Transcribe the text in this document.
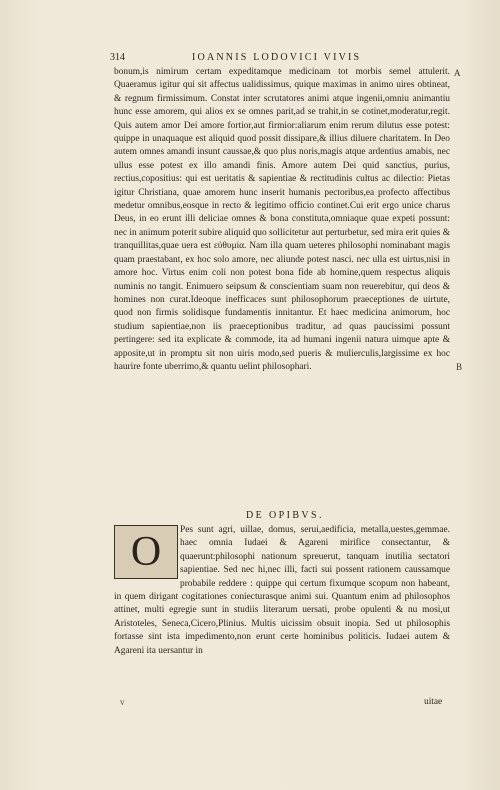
314	IOANNIS LODOVICI VIVIS

bonum,is nimirum certam expeditamque medicinam tot morbis semel attulerit. Quaeramus igitur qui sit affectus ualidissimus, quique maximas in animo uires obtineat, & regnum firmissimum. Constat inter scrutatores animi atque ingenii,omniu animantiu hunc esse amorem, qui alios ex se omnes parit,ad se trahit,in se cotinet,moderatur,regit. Quis autem amor Dei amore fortior,aut firmior:aliarum enim rerum dilutus esse potest: quippe in unaquaque est aliquid quod possit dissipare,& illius diluere charitatem. In Deo autem omnes amandi insunt caussae,& quo plus noris,magis atque ardentius amabis, nec ullus esse potest ex illo amandi finis. Amore autem Dei quid sanctius, purius, rectius,copositius: qui est ueritatis & sapientiae & rectitudinis cultus ac dilectio: Pietas igitur Christiana, quae amorem hunc inserit humanis pectoribus,ea profecto affectibus medetur omnibus,eosque in recto & legitimo officio continet.Cui erit ergo unice charus Deus, in eo erunt illi deliciae omnes & bona constituta,omniaque quae expeti possunt: nec in animum poterit subire aliquid quo sollicitetur aut perturbetur, sed mira erit quies & tranquillitas,quae uera est εὐθυμία. Nam illa quam ueteres philosophi nominabant magis quam praestabant, ex hoc solo amore, nec aliunde potest nasci. nec ulla est uirtus,nisi in amore hoc. Virtus enim coli non potest bona fide ab homine,quem respectus aliquis numinis no tangit. Enimuero seipsum & conscientiam suam non reuerebitur, qui deos & homines non curat.Ideoque inefficaces sunt philosophorum praeceptiones de uirtute, quod non firmis solidisque fundamentis innitantur. Et haec medicina animorum, hoc studium sapientiae,non iis praeceptionibus traditur, ad quas paucissimi possunt pertingere: sed ita explicate & commode, ita ad humani ingenii natura uimque apte & apposite,ut in promptu sit non uiris modo,sed pueris & mulierculis,largissime ex hoc haurire fonte uberrimo,& quantu uelint philosophari.

A
B
DE OPIBVS.

Pes sunt agri, uillae, domus, serui,aedificia, metalla,uestes,gemmae. haec omnia Iudaei & Agareni mirifice consectantur, & quaerunt:philosophi nationum spreuerut, tanquam inutilia sectatori sapientiae. Sed nec hi,nec illi, facti sui possent rationem caussamque probabile reddere : quippe qui certum fixumque scopum non habeant, in quem dirigant cogitationes coniecturasque animi sui. Quantum enim ad philosophos attinet, multi egregie sunt in studiis literarum uersati, probe opulenti & nu mosi,ut Aristoteles, Seneca,Cicero,Plinius. Multis uicissim obsuit inopia. Sed ut philosophis fortasse sint ista impedimento,non erunt certe hominibus politicis. Iudaei autem & Agareni ita uersantur in

O
v	uitae
